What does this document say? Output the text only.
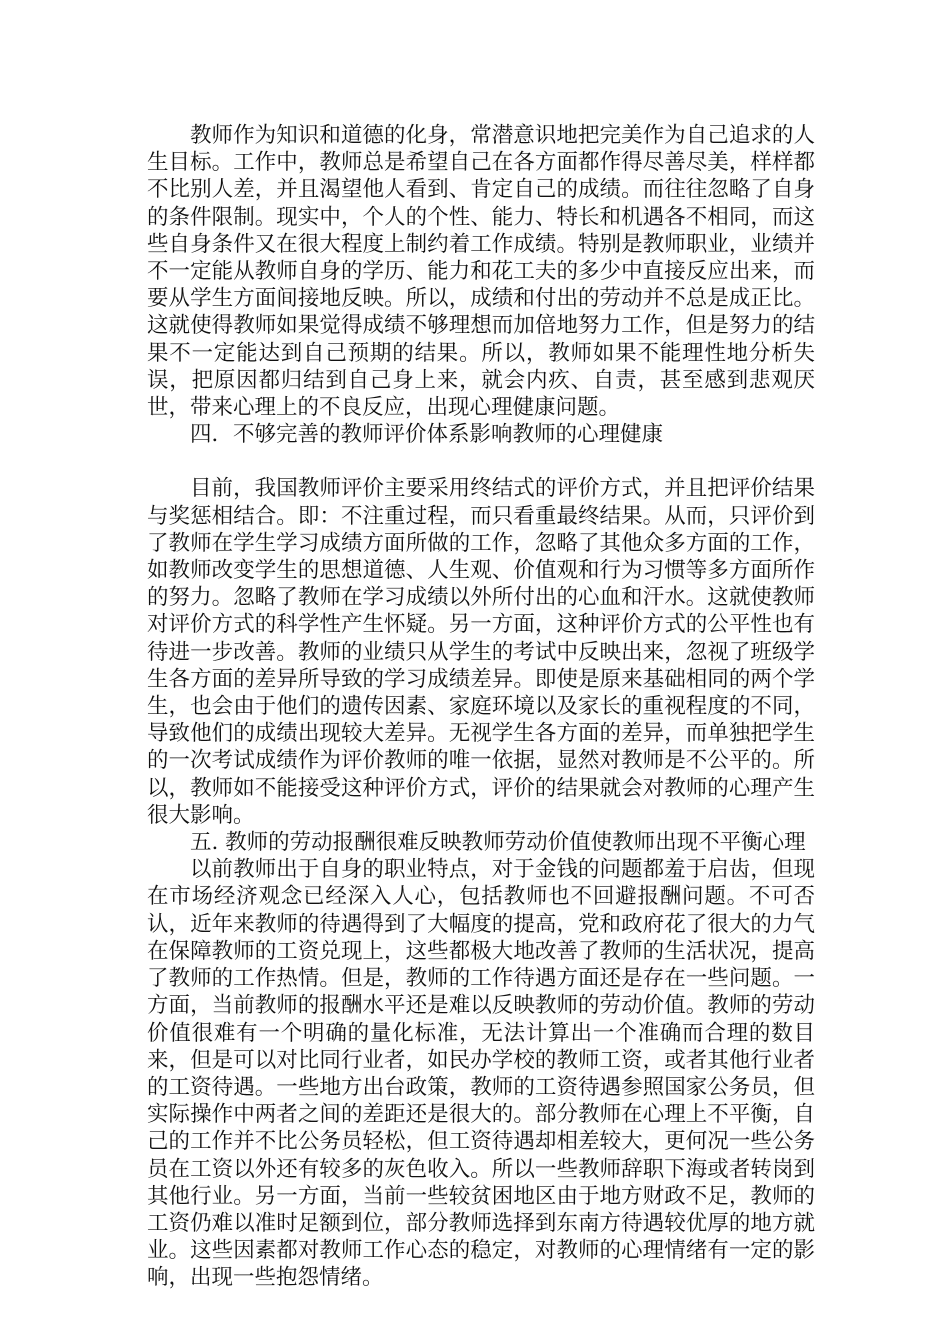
教师作为知识和道德的化身，常潜意识地把完美作为自己追求的人生目标。工作中，教师总是希望自己在各方面都作得尽善尽美，样样都不比别人差，并且渴望他人看到、肯定自己的成绩。而往往忽略了自身的条件限制。现实中，个人的个性、能力、特长和机遇各不相同，而这些自身条件又在很大程度上制约着工作成绩。特别是教师职业，业绩并不一定能从教师自身的学历、能力和花工夫的多少中直接反应出来，而要从学生方面间接地反映。所以，成绩和付出的劳动并不总是成正比。这就使得教师如果觉得成绩不够理想而加倍地努力工作，但是努力的结果不一定能达到自己预期的结果。所以，教师如果不能理性地分析失误，把原因都归结到自己身上来，就会内疚、自责，甚至感到悲观厌世，带来心理上的不良反应，出现心理健康问题。

四．不够完善的教师评价体系影响教师的心理健康

目前，我国教师评价主要采用终结式的评价方式，并且把评价结果与奖惩相结合。即：不注重过程，而只看重最终结果。从而，只评价到了教师在学生学习成绩方面所做的工作，忽略了其他众多方面的工作，如教师改变学生的思想道德、人生观、价值观和行为习惯等多方面所作的努力。忽略了教师在学习成绩以外所付出的心血和汗水。这就使教师对评价方式的科学性产生怀疑。另一方面，这种评价方式的公平性也有待进一步改善。教师的业绩只从学生的考试中反映出来，忽视了班级学生各方面的差异所导致的学习成绩差异。即使是原来基础相同的两个学生，也会由于他们的遗传因素、家庭环境以及家长的重视程度的不同，导致他们的成绩出现较大差异。无视学生各方面的差异，而单独把学生的一次考试成绩作为评价教师的唯一依据，显然对教师是不公平的。所以，教师如不能接受这种评价方式，评价的结果就会对教师的心理产生很大影响。

五. 教师的劳动报酬很难反映教师劳动价值使教师出现不平衡心理

以前教师出于自身的职业特点，对于金钱的问题都羞于启齿，但现在市场经济观念已经深入人心，包括教师也不回避报酬问题。不可否认，近年来教师的待遇得到了大幅度的提高，党和政府花了很大的力气在保障教师的工资兑现上，这些都极大地改善了教师的生活状况，提高了教师的工作热情。但是，教师的工作待遇方面还是存在一些问题。一方面，当前教师的报酬水平还是难以反映教师的劳动价值。教师的劳动价值很难有一个明确的量化标准，无法计算出一个准确而合理的数目来，但是可以对比同行业者，如民办学校的教师工资，或者其他行业者的工资待遇。一些地方出台政策，教师的工资待遇参照国家公务员，但实际操作中两者之间的差距还是很大的。部分教师在心理上不平衡，自己的工作并不比公务员轻松，但工资待遇却相差较大，更何况一些公务员在工资以外还有较多的灰色收入。所以一些教师辞职下海或者转岗到其他行业。另一方面，当前一些较贫困地区由于地方财政不足，教师的工资仍难以准时足额到位，部分教师选择到东南方待遇较优厚的地方就业。这些因素都对教师工作心态的稳定，对教师的心理情绪有一定的影响，出现一些抱怨情绪。
